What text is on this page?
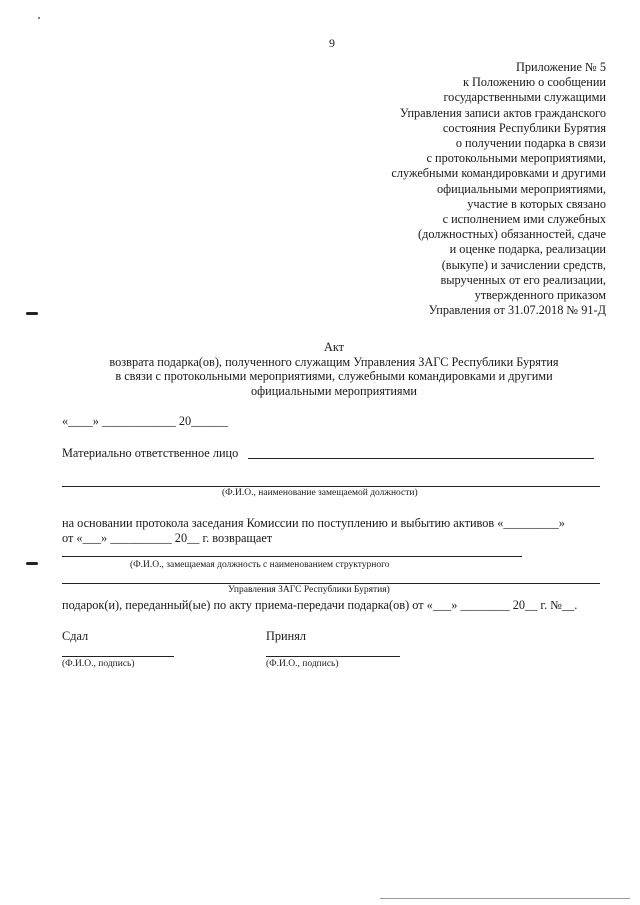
9
Приложение № 5
к Положению о сообщении
государственными служащими
Управления записи актов гражданского
состояния Республики Бурятия
о получении подарка в связи
с протокольными мероприятиями,
служебными командировками и другими
официальными мероприятиями,
участие в которых связано
с исполнением ими служебных
(должностных) обязанностей, сдаче
и оценке подарка, реализации
(выкупе) и зачислении средств,
вырученных от его реализации,
утвержденного приказом
Управления от 31.07.2018 № 91-Д
Акт
возврата подарка(ов), полученного служащим Управления ЗАГС Республики Бурятия
в связи с протокольными мероприятиями, служебными командировками и другими
официальными мероприятиями
«____» ____________ 20______
Материально ответственное лицо
(Ф.И.О., наименование замещаемой должности)
на основании протокола заседания Комиссии по поступлению и выбытию активов «_________»
от «___» __________ 20__ г. возвращает
(Ф.И.О., замещаемая должность с наименованием структурного
Управления ЗАГС Республики Бурятия)
подарок(и), переданный(ые) по акту приема-передачи подарка(ов) от «___» ________ 20__ г. №__.
Сдал	Принял
(Ф.И.О., подпись)	(Ф.И.О., подпись)
